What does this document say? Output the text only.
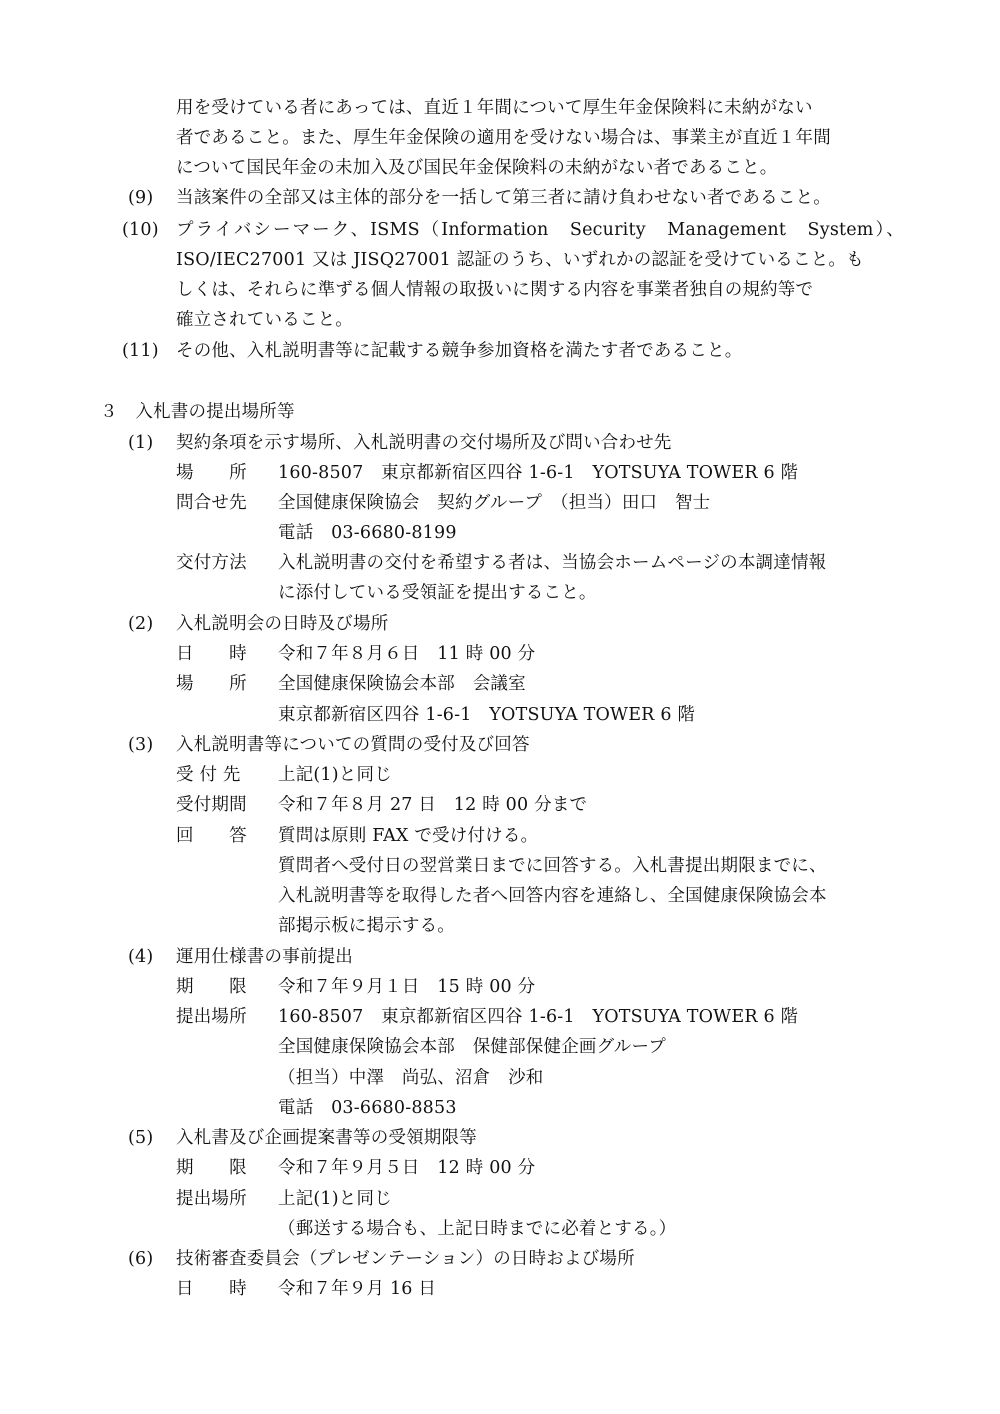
用を受けている者にあっては、直近１年間について厚生年金保険料に未納がない
者であること。また、厚生年金保険の適用を受けない場合は、事業主が直近１年間
について国民年金の未加入及び国民年金保険料の未納がない者であること。
(9) 当該案件の全部又は主体的部分を一括して第三者に請け負わせない者であること。
(10) プライバシーマーク、ISMS（Information　Security　Management　System）、
ISO/IEC27001 又は JISQ27001 認証のうち、いずれかの認証を受けていること。も
しくは、それらに準ずる個人情報の取扱いに関する内容を事業者独自の規約等で
確立されていること。
(11) その他、入札説明書等に記載する競争参加資格を満たす者であること。
３　入札書の提出場所等
(1) 契約条項を示す場所、入札説明書の交付場所及び問い合わせ先
場　　所 160-8507　東京都新宿区四谷 1-6-1　YOTSUYA TOWER 6 階
問合せ先 全国健康保険協会　契約グループ　（担当）田口　智士
電話　03-6680-8199
交付方法 入札説明書の交付を希望する者は、当協会ホームページの本調達情報
に添付している受領証を提出すること。
(2) 入札説明会の日時及び場所
日　　時 令和７年８月６日　11 時 00 分
場　　所 全国健康保険協会本部　会議室
東京都新宿区四谷 1-6-1　YOTSUYA TOWER 6 階
(3) 入札説明書等についての質問の受付及び回答
受 付 先 上記(1)と同じ
受付期間 令和７年８月 27 日　12 時 00 分まで
回　　答 質問は原則 FAX で受け付ける。
質問者へ受付日の翌営業日までに回答する。入札書提出期限までに、
入札説明書等を取得した者へ回答内容を連絡し、全国健康保険協会本
部掲示板に掲示する。
(4) 運用仕様書の事前提出
期　　限 令和７年９月１日　15 時 00 分
提出場所 160-8507　東京都新宿区四谷 1-6-1　YOTSUYA TOWER 6 階
全国健康保険協会本部　保健部保健企画グループ
（担当）中澤　尚弘、沼倉　沙和
電話　03-6680-8853
(5) 入札書及び企画提案書等の受領期限等
期　　限 令和７年９月５日　12 時 00 分
提出場所 上記(1)と同じ
（郵送する場合も、上記日時までに必着とする。）
(6) 技術審査委員会（プレゼンテーション）の日時および場所
日　　時 令和７年９月 16 日
